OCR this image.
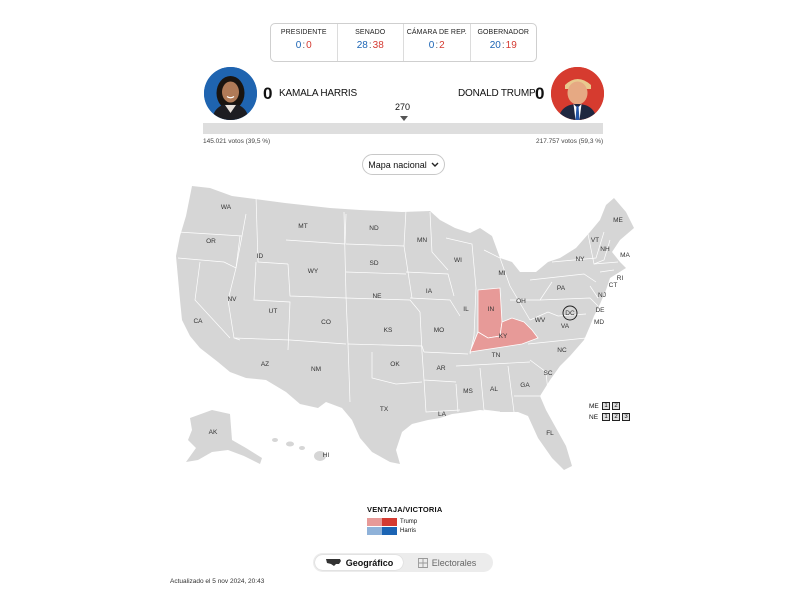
PRESIDENTE
0:0
SENADO
28:38
CÁMARA DE REP.
0:2
GOBERNADOR
20:19
0 KAMALA HARRIS	DONALD TRUMP 0
270
145.021 votos (39,5 %)	217.757 votos (59,3 %)
Mapa nacional
WA
OR
CA
ID
NV
MT
WY
UT
AZ
CO
NM
ND
SD
NE
KS
OK
TX
MN
IA
MO
AR
LA
WI
IL
MI
IN
OH
KY
TN
MS	AL
GA
FL
SC
NC
VA
WV
PA
NY
VT
NH
ME
MA
RI
CT
NJ
DE
MD
DC
AK
HI
ME 1	2
NE	1	2	3
VENTAJA/VICTORIA
Trump
Harris
Geográfico	Electorales
Actualizado el 5 nov 2024, 20:43
